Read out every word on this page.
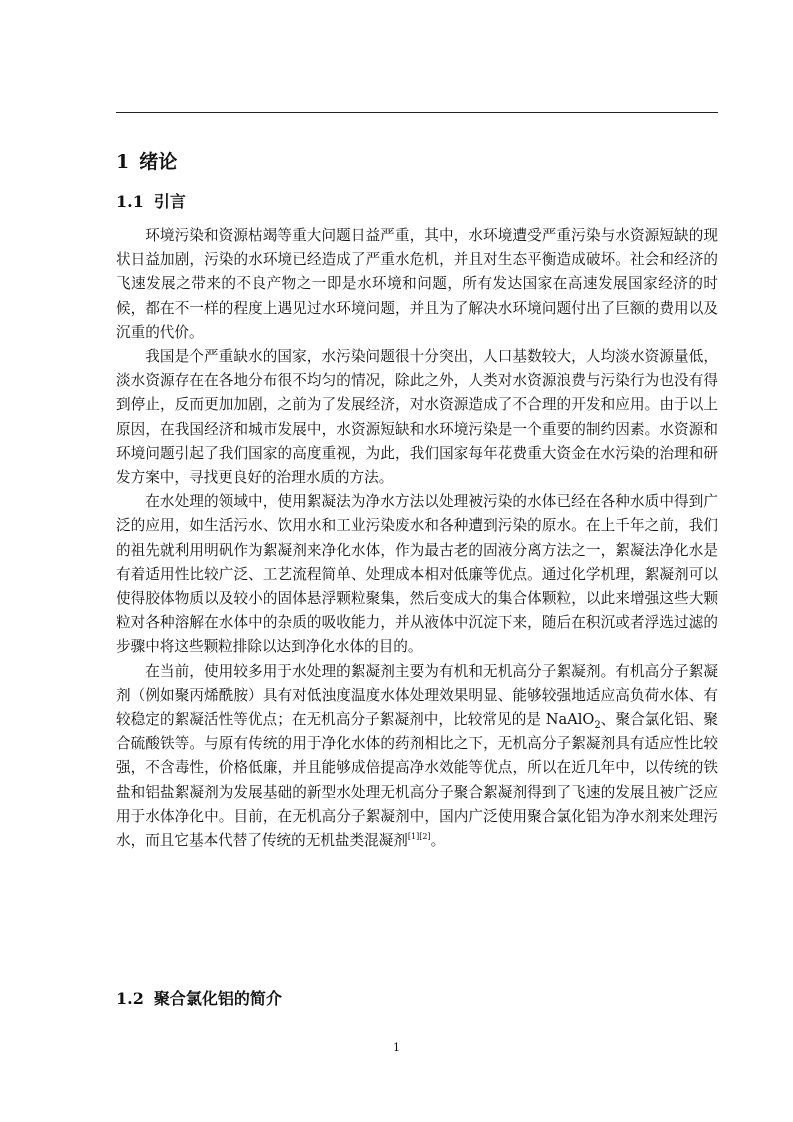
1 绪论
1.1 引言

环境污染和资源枯竭等重大问题日益严重，其中，水环境遭受严重污染与水资源短缺的现状日益加剧，污染的水环境已经造成了严重水危机，并且对生态平衡造成破坏。社会和经济的飞速发展之带来的不良产物之一即是水环境和问题，所有发达国家在高速发展国家经济的时候，都在不一样的程度上遇见过水环境问题，并且为了解决水环境问题付出了巨额的费用以及沉重的代价。

我国是个严重缺水的国家，水污染问题很十分突出，人口基数较大，人均淡水资源量低，淡水资源存在在各地分布很不均匀的情况，除此之外，人类对水资源浪费与污染行为也没有得到停止，反而更加加剧，之前为了发展经济，对水资源造成了不合理的开发和应用。由于以上原因，在我国经济和城市发展中，水资源短缺和水环境污染是一个重要的制约因素。水资源和环境问题引起了我们国家的高度重视，为此，我们国家每年花费重大资金在水污染的治理和研发方案中，寻找更良好的治理水质的方法。

在水处理的领域中，使用絮凝法为净水方法以处理被污染的水体已经在各种水质中得到广泛的应用，如生活污水、饮用水和工业污染废水和各种遭到污染的原水。在上千年之前，我们的祖先就利用明矾作为絮凝剂来净化水体，作为最古老的固液分离方法之一，絮凝法净化水是有着适用性比较广泛、工艺流程简单、处理成本相对低廉等优点。通过化学机理，絮凝剂可以使得胶体物质以及较小的固体悬浮颗粒聚集，然后变成大的集合体颗粒，以此来增强这些大颗粒对各种溶解在水体中的杂质的吸收能力，并从液体中沉淀下来，随后在积沉或者浮选过滤的步骤中将这些颗粒排除以达到净化水体的目的。

在当前，使用较多用于水处理的絮凝剂主要为有机和无机高分子絮凝剂。有机高分子絮凝剂（例如聚丙烯酰胺）具有对低浊度温度水体处理效果明显、能够较强地适应高负荷水体、有较稳定的絮凝活性等优点；在无机高分子絮凝剂中，比较常见的是 NaAlO$_2$、聚合氯化铝、聚合硫酸铁等。与原有传统的用于净化水体的药剂相比之下，无机高分子絮凝剂具有适应性比较强，不含毒性，价格低廉，并且能够成倍提高净水效能等优点，所以在近几年中，以传统的铁盐和铝盐絮凝剂为发展基础的新型水处理无机高分子聚合絮凝剂得到了飞速的发展且被广泛应用于水体净化中。目前，在无机高分子絮凝剂中，国内广泛使用聚合氯化铝为净水剂来处理污水，而且它基本代替了传统的无机盐类混凝剂[1][2]。

1.2 聚合氯化铝的简介
1
